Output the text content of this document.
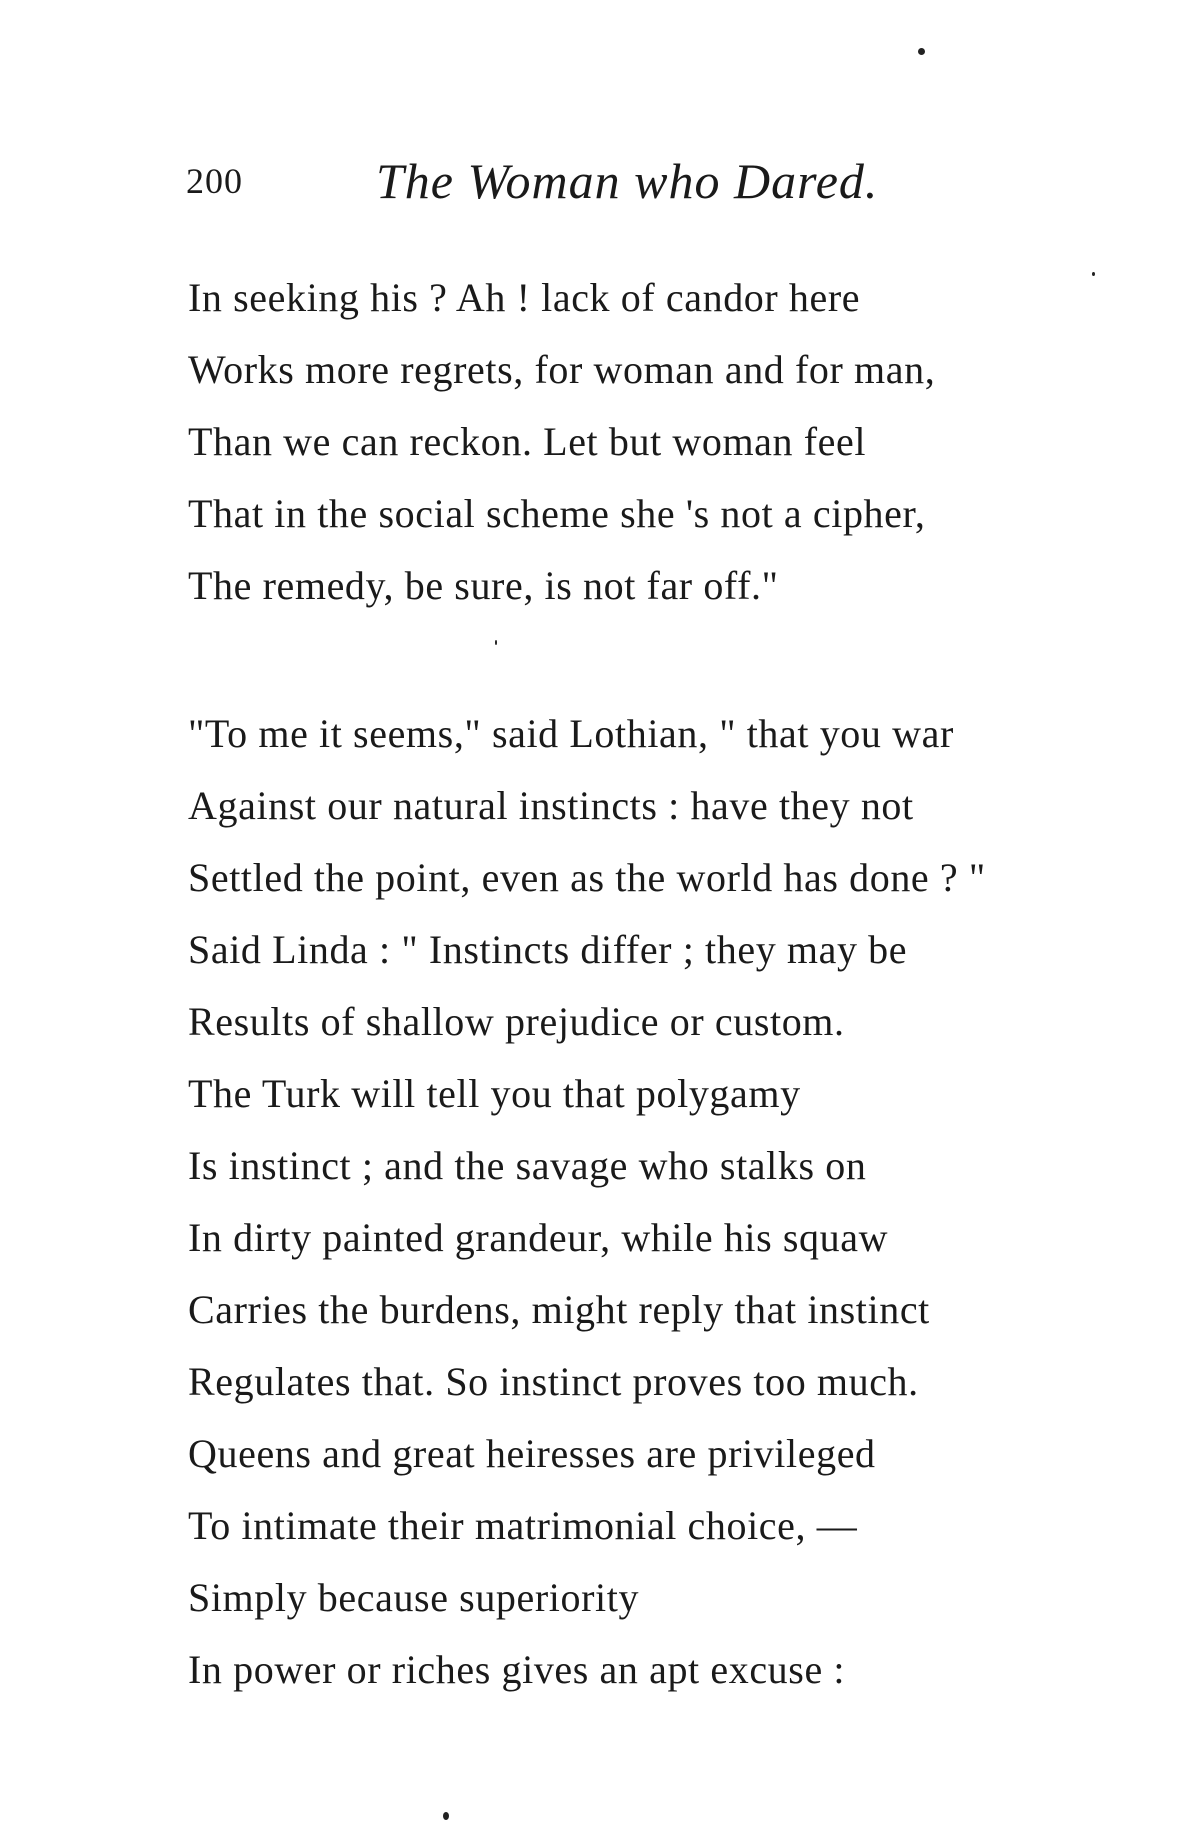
200	The Woman who Dared.
In seeking his ? Ah ! lack of candor here
Works more regrets, for woman and for man,
Than we can reckon. Let but woman feel
That in the social scheme she 's not a cipher,
The remedy, be sure, is not far off."
"To me it seems," said Lothian, " that you war
Against our natural instincts : have they not
Settled the point, even as the world has done ? "
Said Linda : " Instincts differ ; they may be
Results of shallow prejudice or custom.
The Turk will tell you that polygamy
Is instinct ; and the savage who stalks on
In dirty painted grandeur, while his squaw
Carries the burdens, might reply that instinct
Regulates that. So instinct proves too much.
Queens and great heiresses are privileged
To intimate their matrimonial choice, —
Simply because superiority
In power or riches gives an apt excuse :
